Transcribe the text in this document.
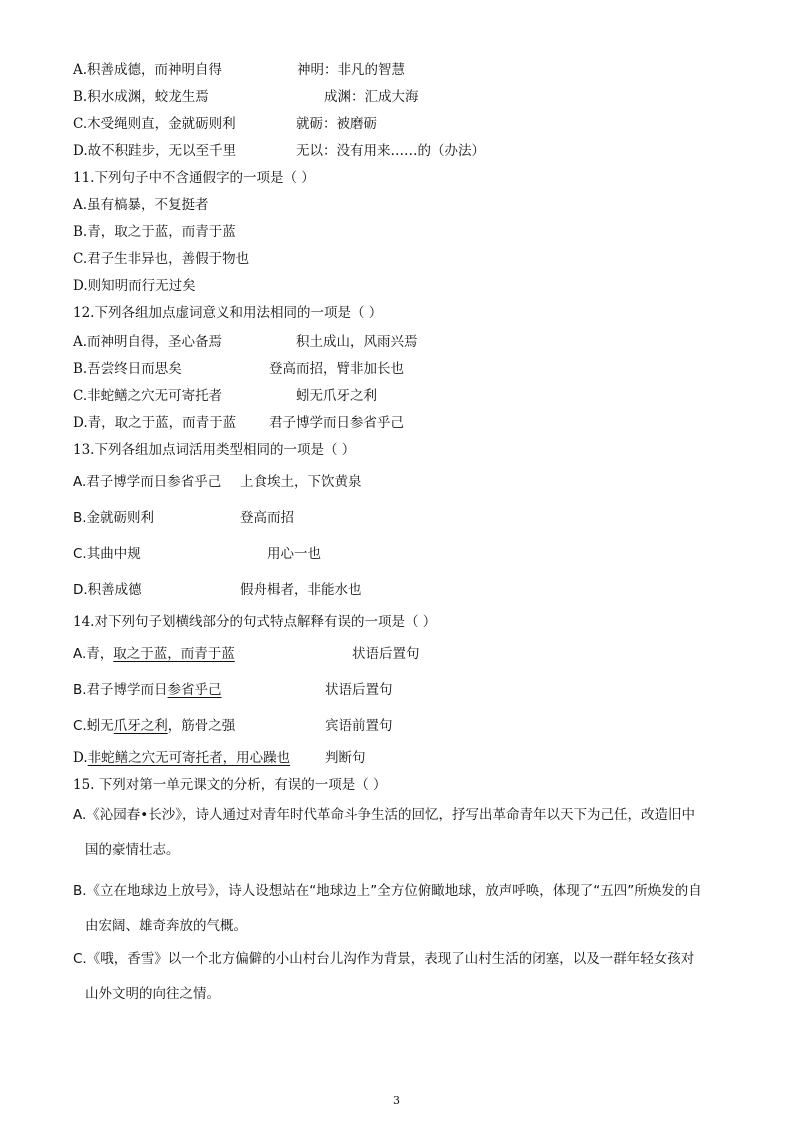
A.积善成德，而神明自得	神明：非凡的智慧
B.积水成渊，蛟龙生焉	成渊：汇成大海
C.木受绳则直，金就砺则利	就砺：被磨砺
D.故不积跬步，无以至千里	无以：没有用来……的（办法）
11.下列句子中不含通假字的一项是（ ）
A.虽有槁暴，不复挺者
B.青，取之于蓝，而青于蓝
C.君子生非异也，善假于物也
D.则知明而行无过矣
12.下列各组加点虚词意义和用法相同的一项是（ ）
A.而神明自得，圣心备焉	积土成山，风雨兴焉
B.吾尝终日而思矣	登高而招，臂非加长也
C.非蛇鳝之穴无可寄托者	蚓无爪牙之利
D.青，取之于蓝，而青于蓝 君子博学而日参省乎己
13.下列各组加点词活用类型相同的一项是（ ）
A.君子博学而日参省乎己 上食埃土，下饮黄泉
B.金就砺则利	登高而招
C.其曲中规	用心一也
D.积善成德	假舟楫者，非能水也
14.对下列句子划横线部分的句式特点解释有误的一项是（ ）
A.青，取之于蓝，而青于蓝	状语后置句
B.君子博学而日参省乎己	状语后置句
C.蚓无爪牙之利，筋骨之强	宾语前置句
D.非蛇鳝之穴无可寄托者，用心躁也	判断句
15. 下列对第一单元课文的分析，有误的一项是（ ）
A.《沁园春•长沙》，诗人通过对青年时代革命斗争生活的回忆，抒写出革命青年以天下为己任，改造旧中
国的豪情壮志。
B.《立在地球边上放号》，诗人设想站在“地球边上”全方位俯瞰地球，放声呼唤，体现了“五四”所焕发的自
由宏阔、雄奇奔放的气概。
C.《哦，香雪》以一个北方偏僻的小山村台儿沟作为背景，表现了山村生活的闭塞，以及一群年轻女孩对
山外文明的向往之情。
3
